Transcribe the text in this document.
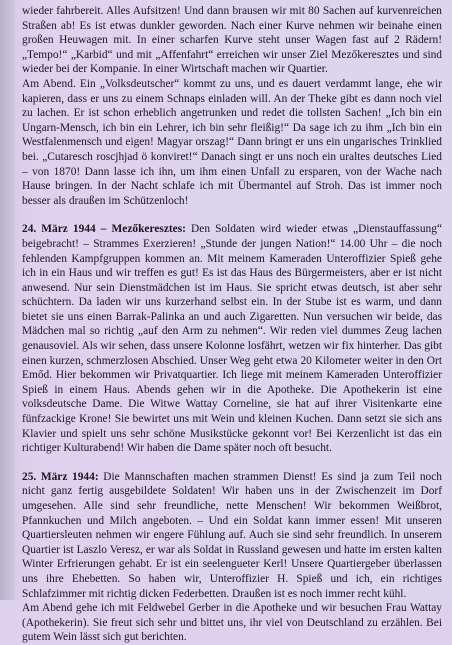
wieder fahrbereit. Alles Aufsitzen! Und dann brausen wir mit 80 Sachen auf kurvenreichen Straßen ab! Es ist etwas dunkler geworden. Nach einer Kurve nehmen wir beinahe einen großen Heuwagen mit. In einer scharfen Kurve steht unser Wagen fast auf 2 Rädern! „Tempo!“ „Karbid“ und mit „Affenfahrt“ erreichen wir unser Ziel Mezőkeresztes und sind wieder bei der Kompanie. In einer Wirtschaft machen wir Quartier.

Am Abend. Ein „Volksdeutscher“ kommt zu uns, und es dauert verdammt lange, ehe wir kapieren, dass er uns zu einem Schnaps einladen will. An der Theke gibt es dann noch viel zu lachen. Er ist schon erheblich angetrunken und redet die tollsten Sachen! „Ich bin ein Ungarn-Mensch, ich bin ein Lehrer, ich bin sehr fleißig!“ Da sage ich zu ihm „Ich bin ein Westfalenmensch und eigen! Magyar orszag!“ Dann bringt er uns ein ungarisches Trinklied bei. „Cutaresch roscjhjad ö konviret!“ Danach singt er uns noch ein uraltes deutsches Lied – von 1870! Dann lasse ich ihn, um ihm einen Unfall zu ersparen, von der Wache nach Hause bringen. In der Nacht schlafe ich mit Übermantel auf Stroh. Das ist immer noch besser als draußen im Schützenloch!

24. März 1944 – Mezőkeresztes: Den Soldaten wird wieder etwas „Dienstauffassung“ beigebracht! – Strammes Exerzieren! „Stunde der jungen Nation!“ 14.00 Uhr – die noch fehlenden Kampfgruppen kommen an. Mit meinem Kameraden Unteroffizier Spieß gehe ich in ein Haus und wir treffen es gut! Es ist das Haus des Bürgermeisters, aber er ist nicht anwesend. Nur sein Dienstmädchen ist im Haus. Sie spricht etwas deutsch, ist aber sehr schüchtern. Da laden wir uns kurzerhand selbst ein. In der Stube ist es warm, und dann bietet sie uns einen Barrak-Palinka an und auch Zigaretten. Nun versuchen wir beide, das Mädchen mal so richtig „auf den Arm zu nehmen“. Wir reden viel dummes Zeug lachen genausoviel. Als wir sehen, dass unsere Kolonne losfährt, wetzen wir fix hinterher. Das gibt einen kurzen, schmerzlosen Abschied. Unser Weg geht etwa 20 Kilometer weiter in den Ort Emőd. Hier bekommen wir Privatquartier. Ich liege mit meinem Kameraden Unteroffizier Spieß in einem Haus. Abends gehen wir in die Apotheke. Die Apothekerin ist eine volksdeutsche Dame. Die Witwe Wattay Corneline, sie hat auf ihrer Visitenkarte eine fünfzackige Krone! Sie bewirtet uns mit Wein und kleinen Kuchen. Dann setzt sie sich ans Klavier und spielt uns sehr schöne Musikstücke gekonnt vor! Bei Kerzenlicht ist das ein richtiger Kulturabend! Wir haben die Dame später noch oft besucht.

25. März 1944: Die Mannschaften machen strammen Dienst! Es sind ja zum Teil noch nicht ganz fertig ausgebildete Soldaten! Wir haben uns in der Zwischenzeit im Dorf umgesehen. Alle sind sehr freundliche, nette Menschen! Wir bekommen Weißbrot, Pfannkuchen und Milch angeboten. – Und ein Soldat kann immer essen! Mit unseren Quartiersleuten nehmen wir engere Fühlung auf. Auch sie sind sehr freundlich. In unserem Quartier ist Laszlo Veresz, er war als Soldat in Russland gewesen und hatte im ersten kalten Winter Erfrierungen gehabt. Er ist ein seelengueter Kerl! Unsere Quartiergeber überlassen uns ihre Ehebetten. So haben wir, Unteroffizier H. Spieß und ich, ein richtiges Schlafzimmer mit richtig dicken Federbetten. Draußen ist es noch immer recht kühl.

Am Abend gehe ich mit Feldwebel Gerber in die Apotheke und wir besuchen Frau Wattay (Apothekerin). Sie freut sich sehr und bittet uns, ihr viel von Deutschland zu erzählen. Bei gutem Wein lässt sich gut berichten.
